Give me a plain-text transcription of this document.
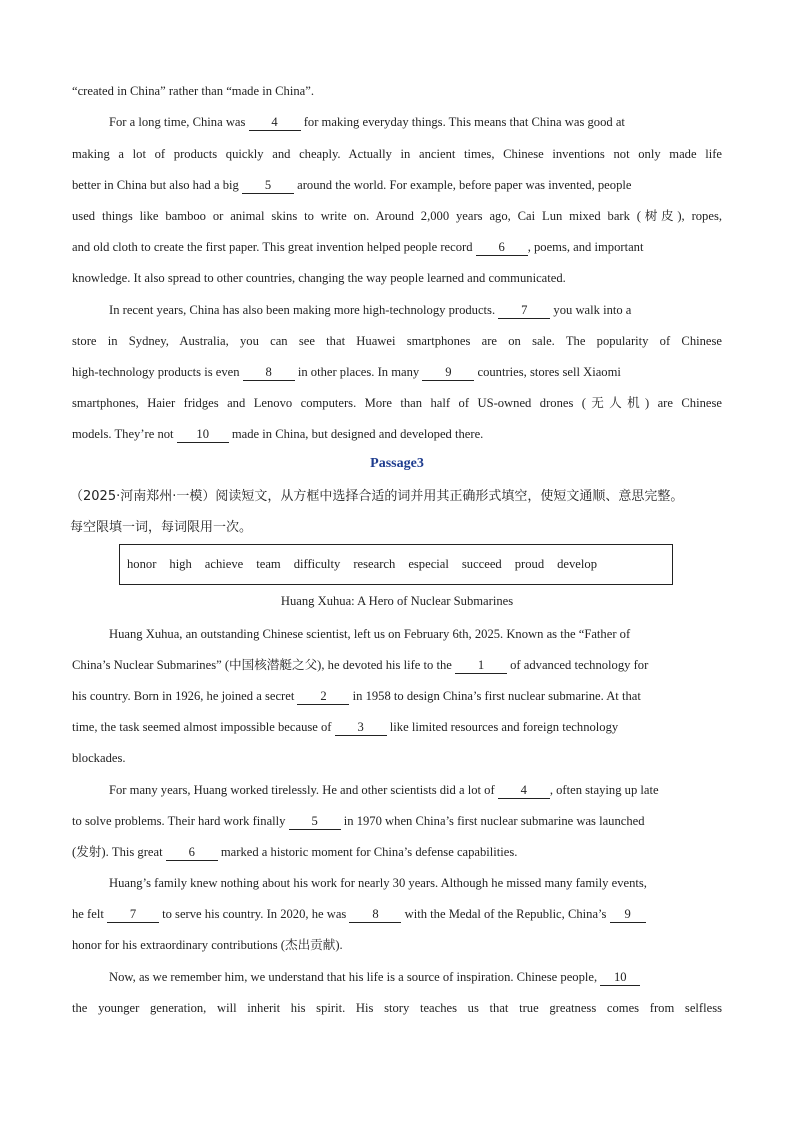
“created in China” rather than “made in China”.
For a long time, China was 4 for making everyday things. This means that China was good at
making a lot of products quickly and cheaply. Actually in ancient times, Chinese inventions not only made life
better in China but also had a big 5 around the world. For example, before paper was invented, people
used things like bamboo or animal skins to write on. Around 2,000 years ago, Cai Lun mixed bark (树皮), ropes,
and old cloth to create the first paper. This great invention helped people record 6 , poems, and important
knowledge. It also spread to other countries, changing the way people learned and communicated.
In recent years, China has also been making more high-technology products. 7 you walk into a
store in Sydney, Australia, you can see that Huawei smartphones are on sale. The popularity of Chinese
high-technology products is even 8 in other places. In many 9 countries, stores sell Xiaomi
smartphones, Haier fridges and Lenovo computers. More than half of US-owned drones (无人机) are Chinese
models. They’re not 10 made in China, but designed and developed there.
Passage3
（2025·河南郑州·一模）阅读短文，从方框中选择合适的词并用其正确形式填空，使短文通顺、意思完整。
每空限填一词，每词限用一次。
honor high achieve team difficulty research especial succeed proud develop
Huang Xuhua: A Hero of Nuclear Submarines
Huang Xuhua, an outstanding Chinese scientist, left us on February 6th, 2025. Known as the “Father of
China’s Nuclear Submarines” (中国核潜艇之父), he devoted his life to the 1 of advanced technology for
his country. Born in 1926, he joined a secret 2 in 1958 to design China’s first nuclear submarine. At that
time, the task seemed almost impossible because of 3 like limited resources and foreign technology
blockades.
For many years, Huang worked tirelessly. He and other scientists did a lot of 4 , often staying up late
to solve problems. Their hard work finally 5 in 1970 when China’s first nuclear submarine was launched
(发射). This great 6 marked a historic moment for China’s defense capabilities.
Huang’s family knew nothing about his work for nearly 30 years. Although he missed many family events,
he felt 7 to serve his country. In 2020, he was 8 with the Medal of the Republic, China’s 9
honor for his extraordinary contributions (杰出贡献).
Now, as we remember him, we understand that his life is a source of inspiration. Chinese people, 10
the younger generation, will inherit his spirit. His story teaches us that true greatness comes from selfless
